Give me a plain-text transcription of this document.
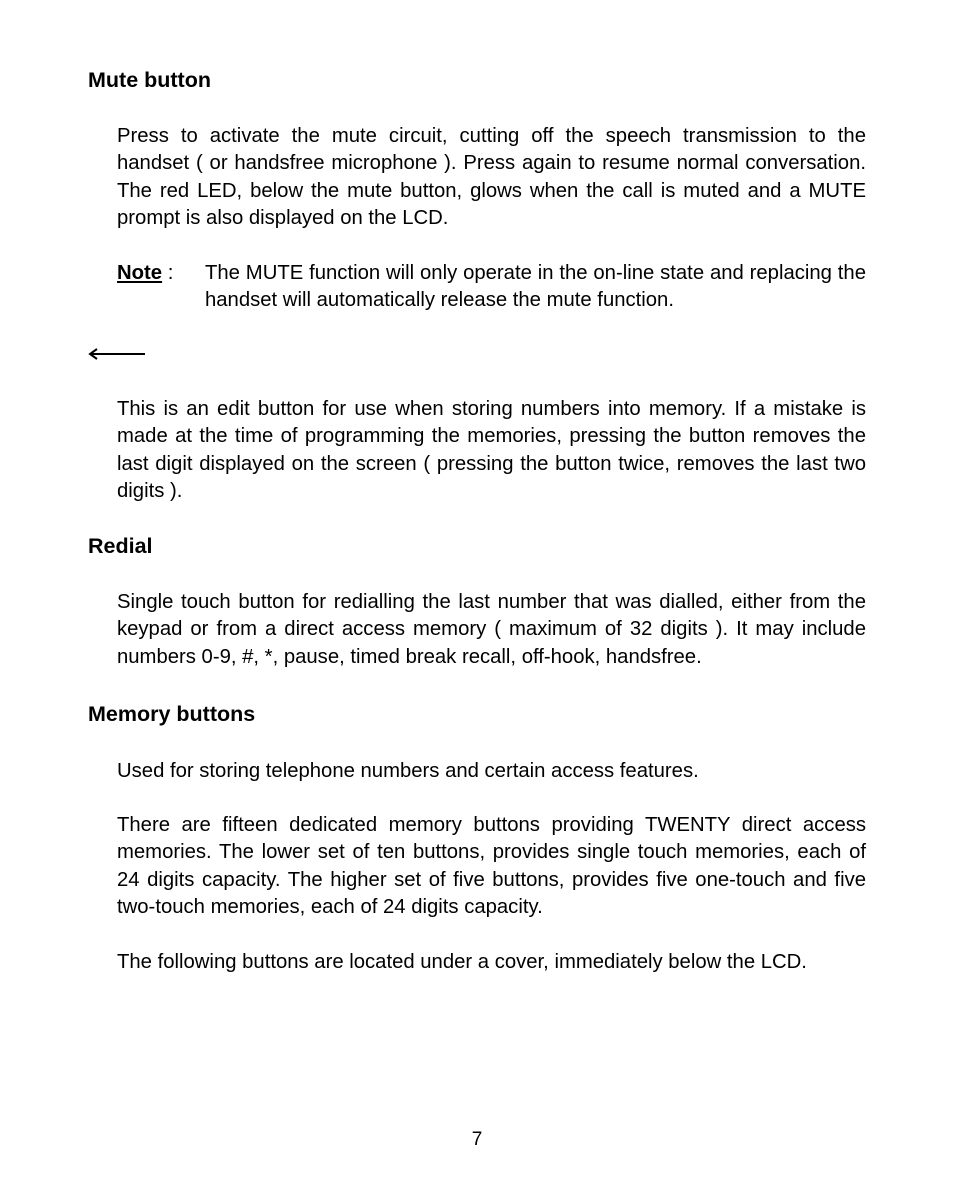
Mute button

Press to activate the mute circuit, cutting off the speech transmission to the handset ( or handsfree microphone ). Press again to resume normal conversation. The red LED, below the mute button, glows when the call is muted and a MUTE prompt is also displayed on the LCD.

Note : The MUTE function will only operate in the on-line state and replacing the handset will automatically release the mute function.

This is an edit button for use when storing numbers into memory. If a mistake is made at the time of programming the memories, pressing the button removes the last digit displayed on the screen ( pressing the button twice, removes the last two digits ).

Redial

Single touch button for redialling the last number that was dialled, either from the keypad or from a direct access memory ( maximum of 32 digits ). It may include numbers 0-9, #, *, pause, timed break recall, off-hook, handsfree.

Memory buttons

Used for storing telephone numbers and certain access features.

There are fifteen dedicated memory buttons providing TWENTY direct access memories. The lower set of ten buttons, provides single touch memories, each of 24 digits capacity. The higher set of five buttons, provides five one-touch and five two-touch memories, each of 24 digits capacity.

The following buttons are located under a cover, immediately below the LCD.

7
